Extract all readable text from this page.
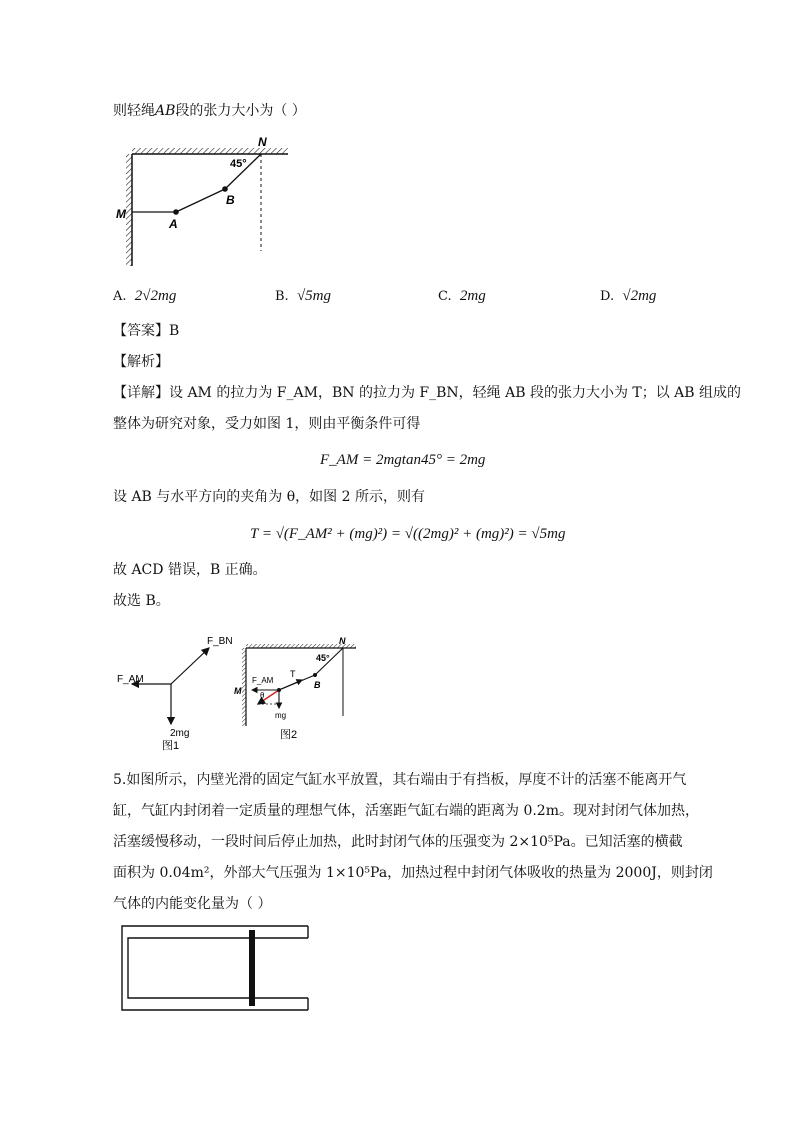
则轻绳AB段的张力大小为（ ）
M
A
B
N
45°
A. 2√2mg	B. √5mg	C. 2mg	D. √2mg
【答案】B
【解析】
【详解】设 AM 的拉力为 F_AM，BN 的拉力为 F_BN，轻绳 AB 段的张力大小为 T；以 AB 组成的
整体为研究对象，受力如图 1，则由平衡条件可得
F_AM = 2mgtan45° = 2mg
设 AB 与水平方向的夹角为 θ，如图 2 所示，则有
T = √(F_AM² + (mg)²) = √((2mg)² + (mg)²) = √5mg
故 ACD 错误，B 正确。
故选 B。
F_BN
F_AM
2mg
图1
N
45°
M
F_AM
θ
T
B
mg
图2
5.如图所示，内壁光滑的固定气缸水平放置，其右端由于有挡板，厚度不计的活塞不能离开气
缸，气缸内封闭着一定质量的理想气体，活塞距气缸右端的距离为 0.2m。现对封闭气体加热，
活塞缓慢移动，一段时间后停止加热，此时封闭气体的压强变为 2×10⁵Pa。已知活塞的横截
面积为 0.04m²，外部大气压强为 1×10⁵Pa，加热过程中封闭气体吸收的热量为 2000J，则封闭
气体的内能变化量为（ ）
